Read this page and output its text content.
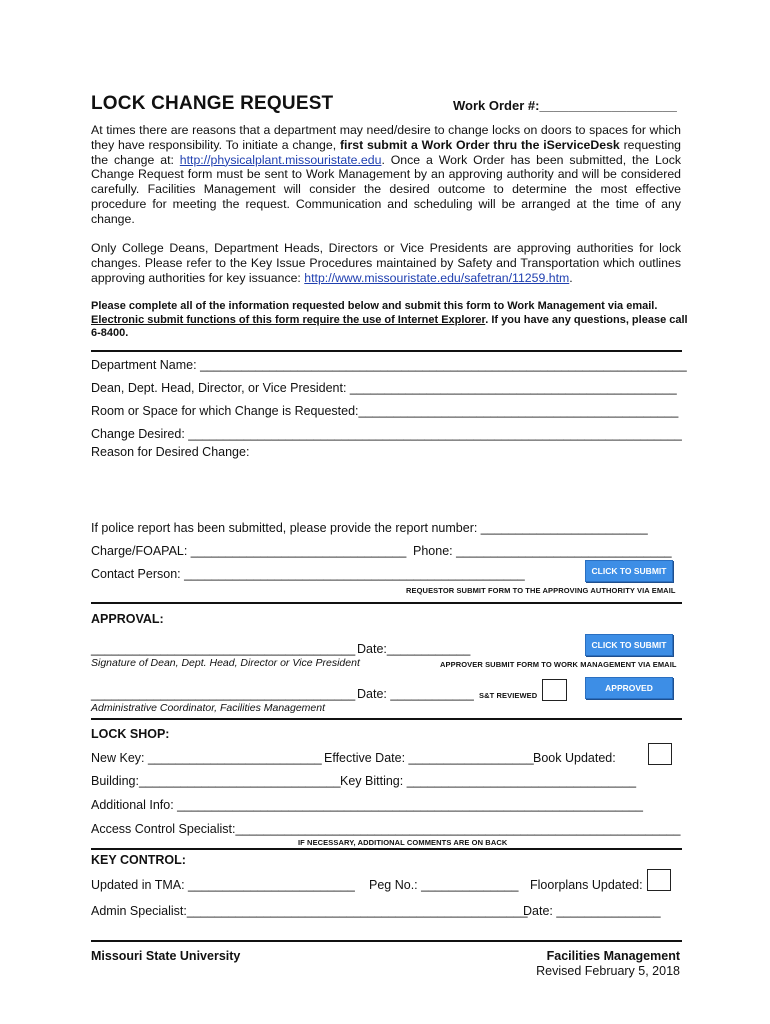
LOCK CHANGE REQUEST	Work Order #:___________________
At times there are reasons that a department may need/desire to change locks on doors to spaces for which they have responsibility. To initiate a change, first submit a Work Order thru the iServiceDesk requesting the change at: http://physicalplant.missouristate.edu. Once a Work Order has been submitted, the Lock Change Request form must be sent to Work Management by an approving authority and will be considered carefully. Facilities Management will consider the desired outcome to determine the most effective procedure for meeting the request. Communication and scheduling will be arranged at the time of any change.
Only College Deans, Department Heads, Directors or Vice Presidents are approving authorities for lock changes. Please refer to the Key Issue Procedures maintained by Safety and Transportation which outlines approving authorities for key issuance: http://www.missouristate.edu/safetran/11259.htm.
Please complete all of the information requested below and submit this form to Work Management via email.
Electronic submit functions of this form require the use of Internet Explorer. If you have any questions, please call 6-8400.
Department Name: ______________________________________________________________________
Dean, Dept. Head, Director, or Vice President: _______________________________________________
Room or Space for which Change is Requested:______________________________________________
Change Desired: _______________________________________________________________________
Reason for Desired Change:
If police report has been submitted, please provide the report number: ________________________
Charge/FOAPAL: _______________________________ Phone: _______________________________
Contact Person: _________________________________________________	CLICK TO SUBMIT
REQUESTOR SUBMIT FORM TO THE APPROVING AUTHORITY VIA EMAIL
APPROVAL:
______________________________________ Date:____________
Signature of Dean, Dept. Head, Director or Vice President
CLICK TO SUBMIT
APPROVER SUBMIT FORM TO WORK MANAGEMENT VIA EMAIL
______________________________________ Date: ____________ S&T REVIEWED
APPROVED
Administrative Coordinator, Facilities Management
LOCK SHOP:
New Key: _________________________ Effective Date: __________________ Book Updated:
Building:_____________________________ Key Bitting: _________________________________
Additional Info: ___________________________________________________________________
Access Control Specialist:________________________________________________________________
IF NECESSARY, ADDITIONAL COMMENTS ARE ON BACK
KEY CONTROL:
Updated in TMA: ________________________ Peg No.: ______________ Floorplans Updated:
Admin Specialist:_________________________________________________
Date: _______________
Missouri State University	Facilities Management
Revised February 5, 2018
